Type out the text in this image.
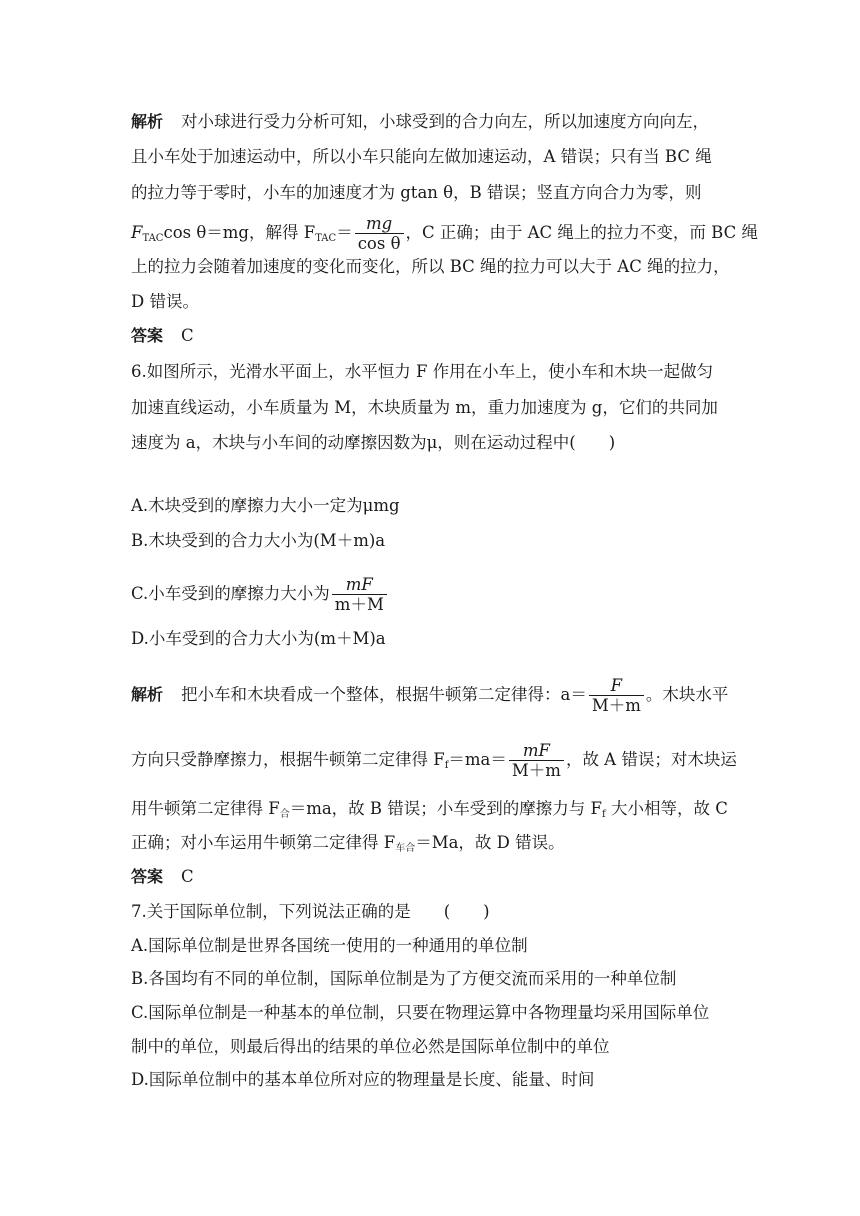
解析 对小球进行受力分析可知，小球受到的合力向左，所以加速度方向向左，
且小车处于加速运动中，所以小车只能向左做加速运动，A 错误；只有当 BC 绳
的拉力等于零时，小车的加速度才为 gtan θ，B 错误；竖直方向合力为零，则
$F_{TAC}\cos$ θ＝mg，解得 $F_{TAC}= \frac{mg}{\text{cos θ}}$ ，C 正确；由于 AC 绳上的拉力不变，而 BC 绳
上的拉力会随着加速度的变化而变化，所以 BC 绳的拉力可以大于 AC 绳的拉力，
D 错误。
答案 C
6.如图所示，光滑水平面上，水平恒力 F 作用在小车上，使小车和木块一起做匀
加速直线运动，小车质量为 M，木块质量为 m，重力加速度为 g，它们的共同加
速度为 a，木块与小车间的动摩擦因数为μ，则在运动过程中(　　)
A.木块受到的摩擦力大小一定为μmg
B.木块受到的合力大小为(M＋m)a
C.小车受到的摩擦力大小为 $\frac{mF}{m+M}$
D.小车受到的合力大小为(m＋M)a
解析 把小车和木块看成一个整体，根据牛顿第二定律得：$a= \frac{F}{M+m}$ 。木块水平
方向只受静摩擦力，根据牛顿第二定律得 $F_f=ma= \frac{mF}{M+m}$ ，故 A 错误；对木块运
用牛顿第二定律得 $F_合=ma$，故 B 错误；小车受到的摩擦力与 $F_f$ 大小相等，故 C
正确；对小车运用牛顿第二定律得 $F_{车合}=Ma$，故 D 错误。
答案 C
7.关于国际单位制，下列说法正确的是　　(　　)
A.国际单位制是世界各国统一使用的一种通用的单位制
B.各国均有不同的单位制，国际单位制是为了方便交流而采用的一种单位制
C.国际单位制是一种基本的单位制，只要在物理运算中各物理量均采用国际单位
制中的单位，则最后得出的结果的单位必然是国际单位制中的单位
D.国际单位制中的基本单位所对应的物理量是长度、能量、时间
